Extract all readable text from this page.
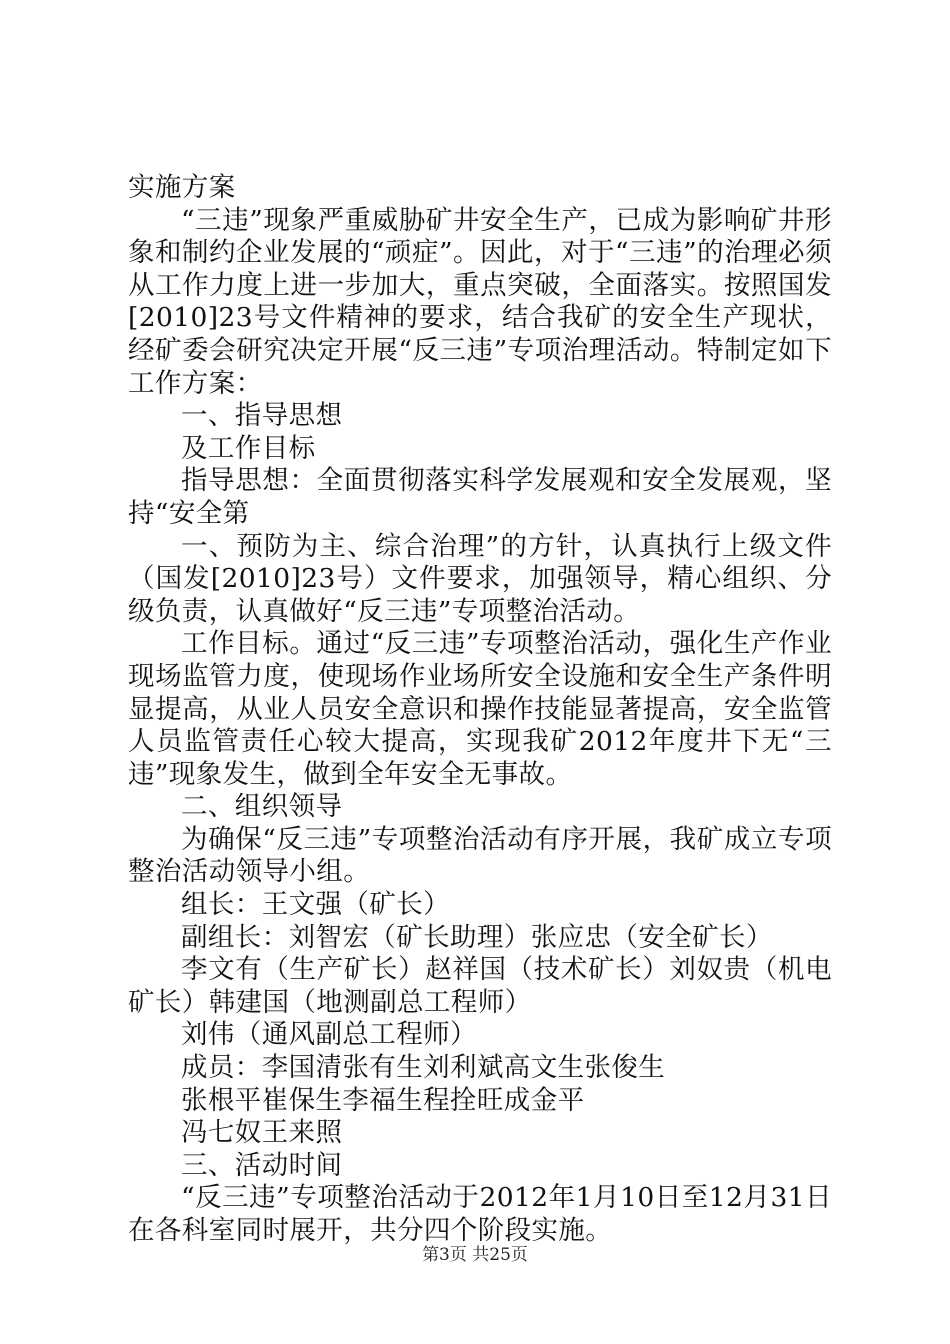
实施方案

“三违”现象严重威胁矿井安全生产，已成为影响矿井形象和制约企业发展的“顽症”。因此，对于“三违”的治理必须从工作力度上进一步加大，重点突破，全面落实。按照国发[2010]23号文件精神的要求，结合我矿的安全生产现状，经矿委会研究决定开展“反三违”专项治理活动。特制定如下工作方案：

一、指导思想

及工作目标

指导思想：全面贯彻落实科学发展观和安全发展观，坚持“安全第

一、预防为主、综合治理”的方针，认真执行上级文件（国发[2010]23号）文件要求，加强领导，精心组织、分级负责，认真做好“反三违”专项整治活动。

工作目标。通过“反三违”专项整治活动，强化生产作业现场监管力度，使现场作业场所安全设施和安全生产条件明显提高，从业人员安全意识和操作技能显著提高，安全监管人员监管责任心较大提高，实现我矿2012年度井下无“三违”现象发生，做到全年安全无事故。

二、组织领导

为确保“反三违”专项整治活动有序开展，我矿成立专项整治活动领导小组。

组长：王文强（矿长）

副组长：刘智宏（矿长助理）张应忠（安全矿长）

李文有（生产矿长）赵祥国（技术矿长）刘奴贵（机电矿长）韩建国（地测副总工程师）

刘伟（通风副总工程师）

成员：李国清张有生刘利斌高文生张俊生

张根平崔保生李福生程拴旺成金平

冯七奴王来照

三、活动时间

“反三违”专项整治活动于2012年1月10日至12月31日在各科室同时展开，共分四个阶段实施。

第3页 共25页
